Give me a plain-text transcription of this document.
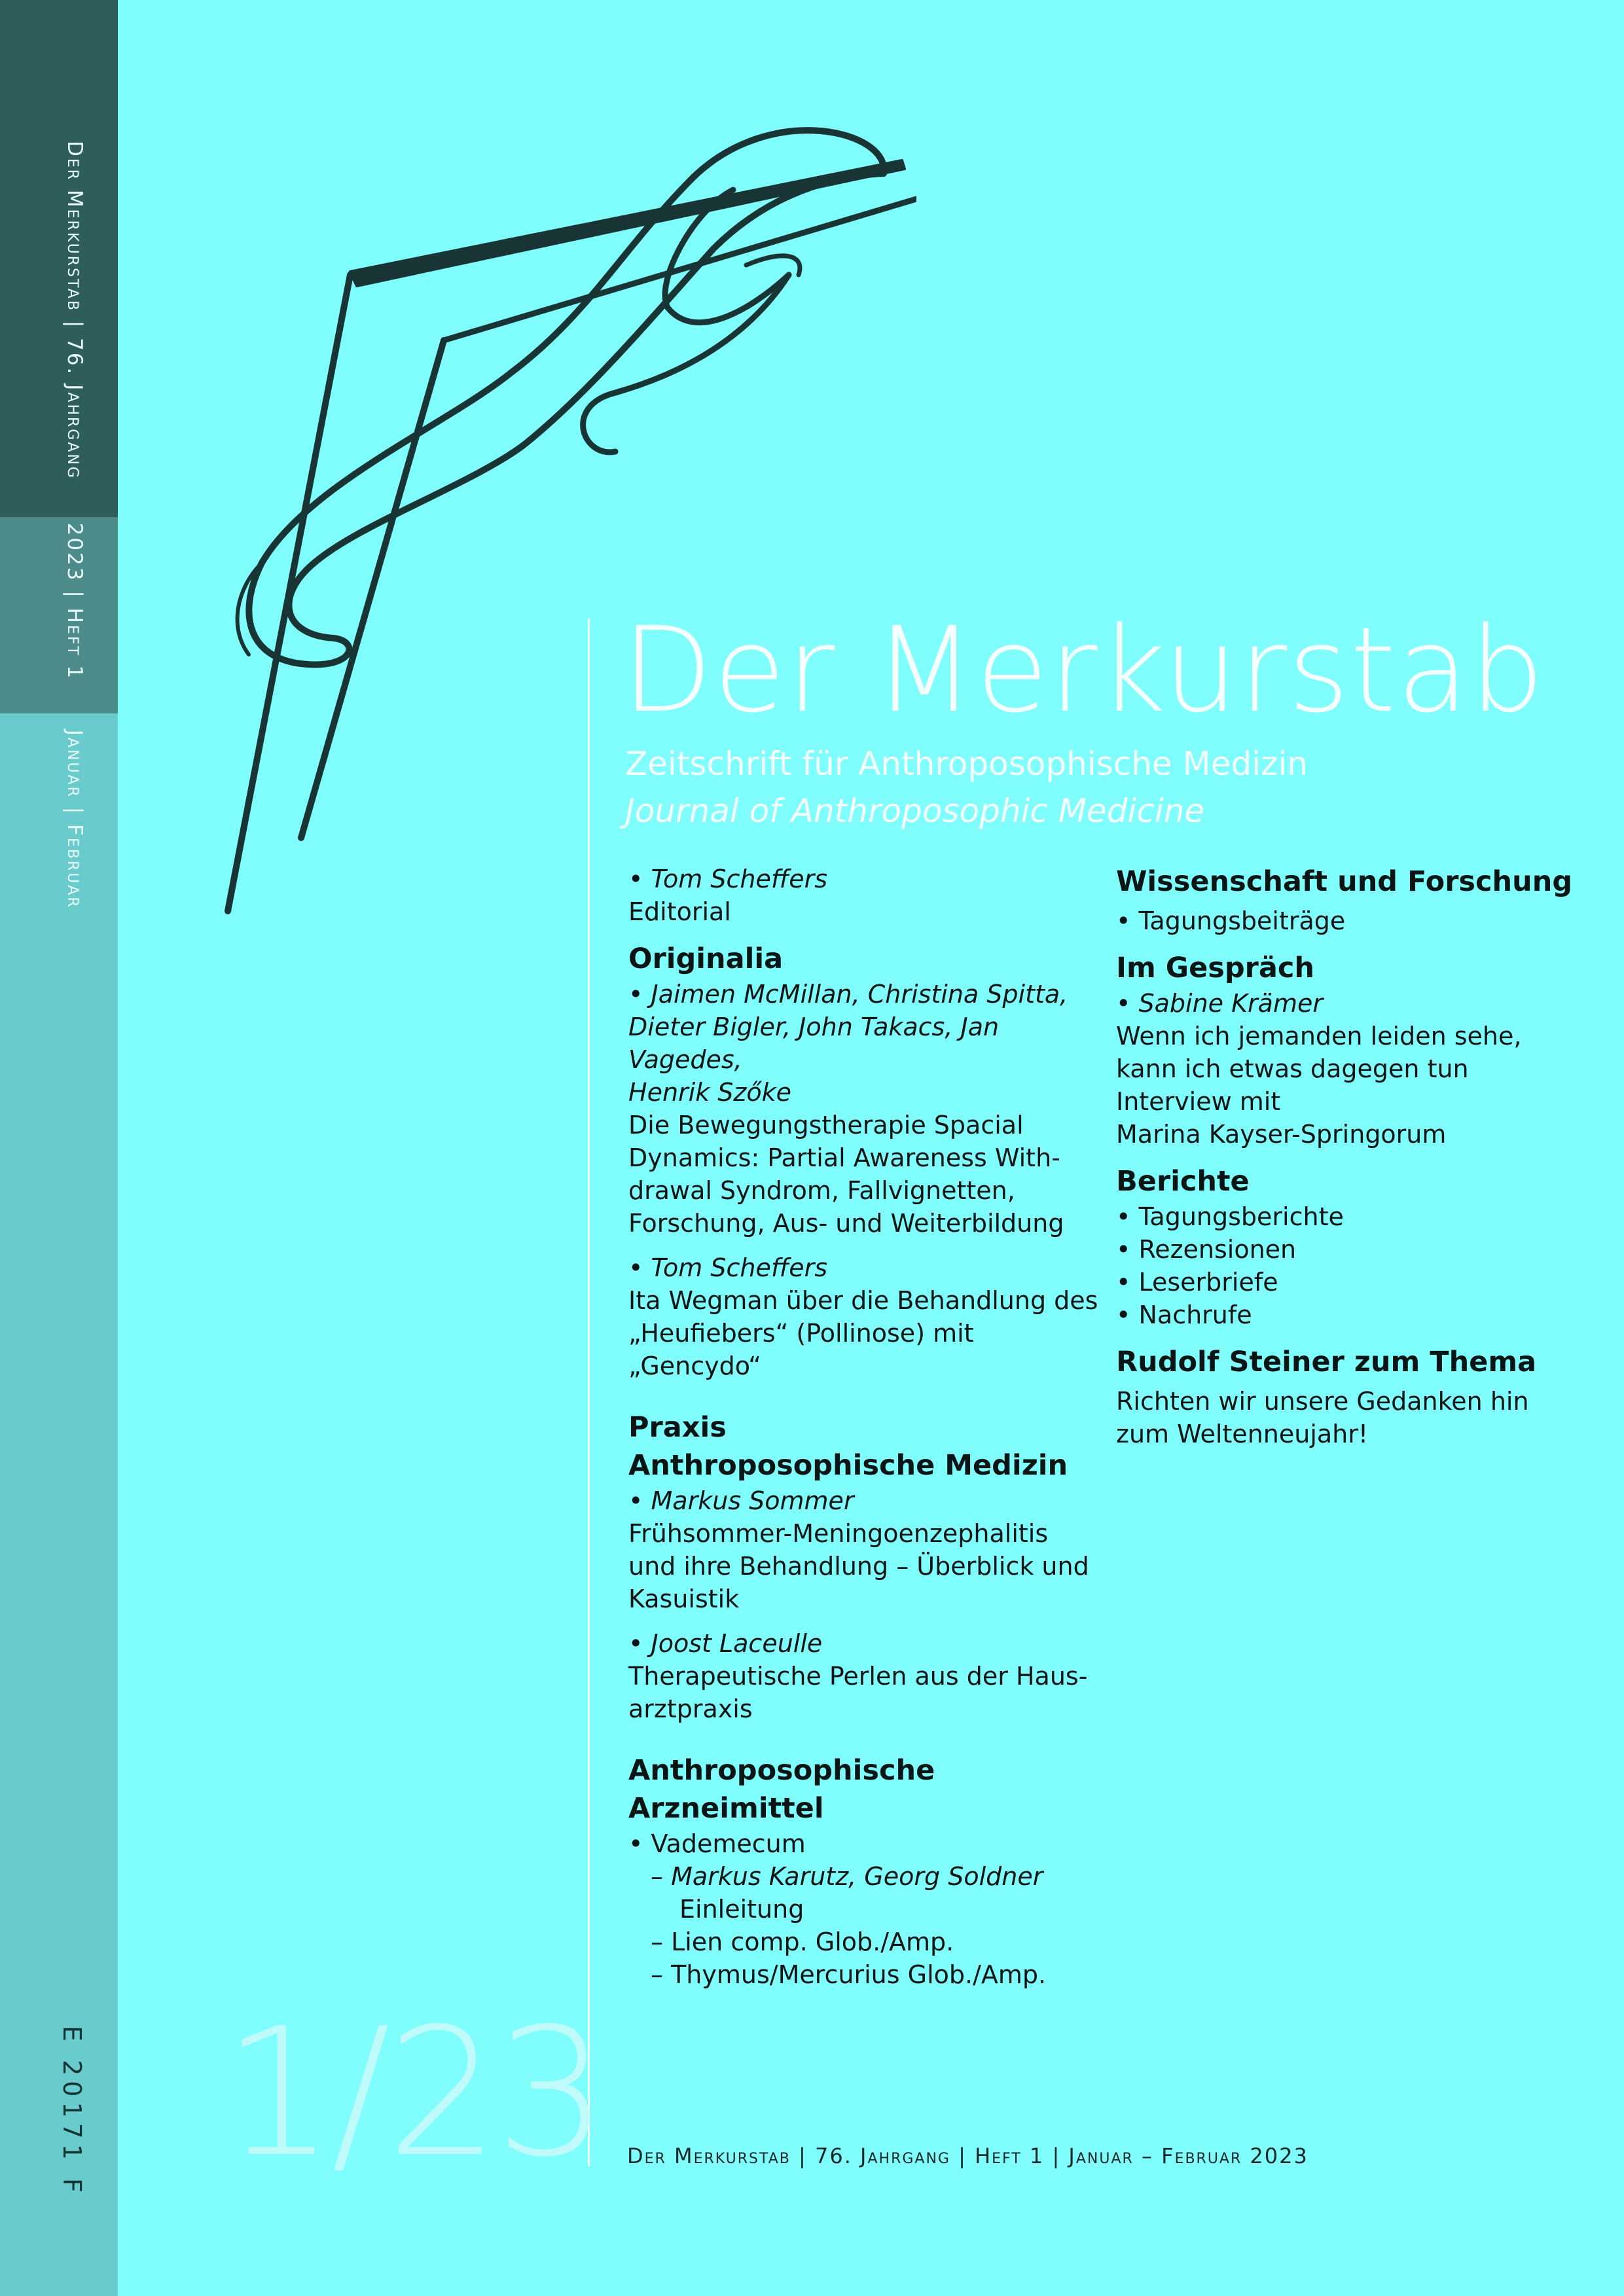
Der Merkurstab | 76. Jahrgang  2023 | Heft 1  Januar | Februar
E 20171 F
Der Merkurstab
Zeitschrift für Anthroposophische Medizin
Journal of Anthroposophic Medicine
• Tom Scheffers
Editorial
Originalia
• Jaimen McMillan, Christina Spitta,
Dieter Bigler, John Takacs, Jan Vagedes,
Henrik Szőke
Die Bewegungstherapie Spacial
Dynamics: Partial Awareness With-
drawal Syndrom, Fallvignetten,
Forschung, Aus- und Weiterbildung
• Tom Scheffers
Ita Wegman über die Behandlung des
„Heufiebers“ (Pollinose) mit „Gencydo“
Praxis
Anthroposophische Medizin
• Markus Sommer
Frühsommer-Meningoenzephalitis
und ihre Behandlung – Überblick und
Kasuistik
• Joost Laceulle
Therapeutische Perlen aus der Haus-
arztpraxis
Anthroposophische Arzneimittel
• Vademecum
– Markus Karutz, Georg Soldner
Einleitung
– Lien comp. Glob./Amp.
– Thymus/Mercurius Glob./Amp.
Wissenschaft und Forschung
• Tagungsbeiträge
Im Gespräch
• Sabine Krämer
Wenn ich jemanden leiden sehe,
kann ich etwas dagegen tun
Interview mit
Marina Kayser-Springorum
Berichte
• Tagungsberichte
• Rezensionen
• Leserbriefe
• Nachrufe
Rudolf Steiner zum Thema
Richten wir unsere Gedanken hin
zum Weltenneujahr!
1/23 Der Merkurstab | 76. Jahrgang | Heft 1 | Januar – Februar 2023
